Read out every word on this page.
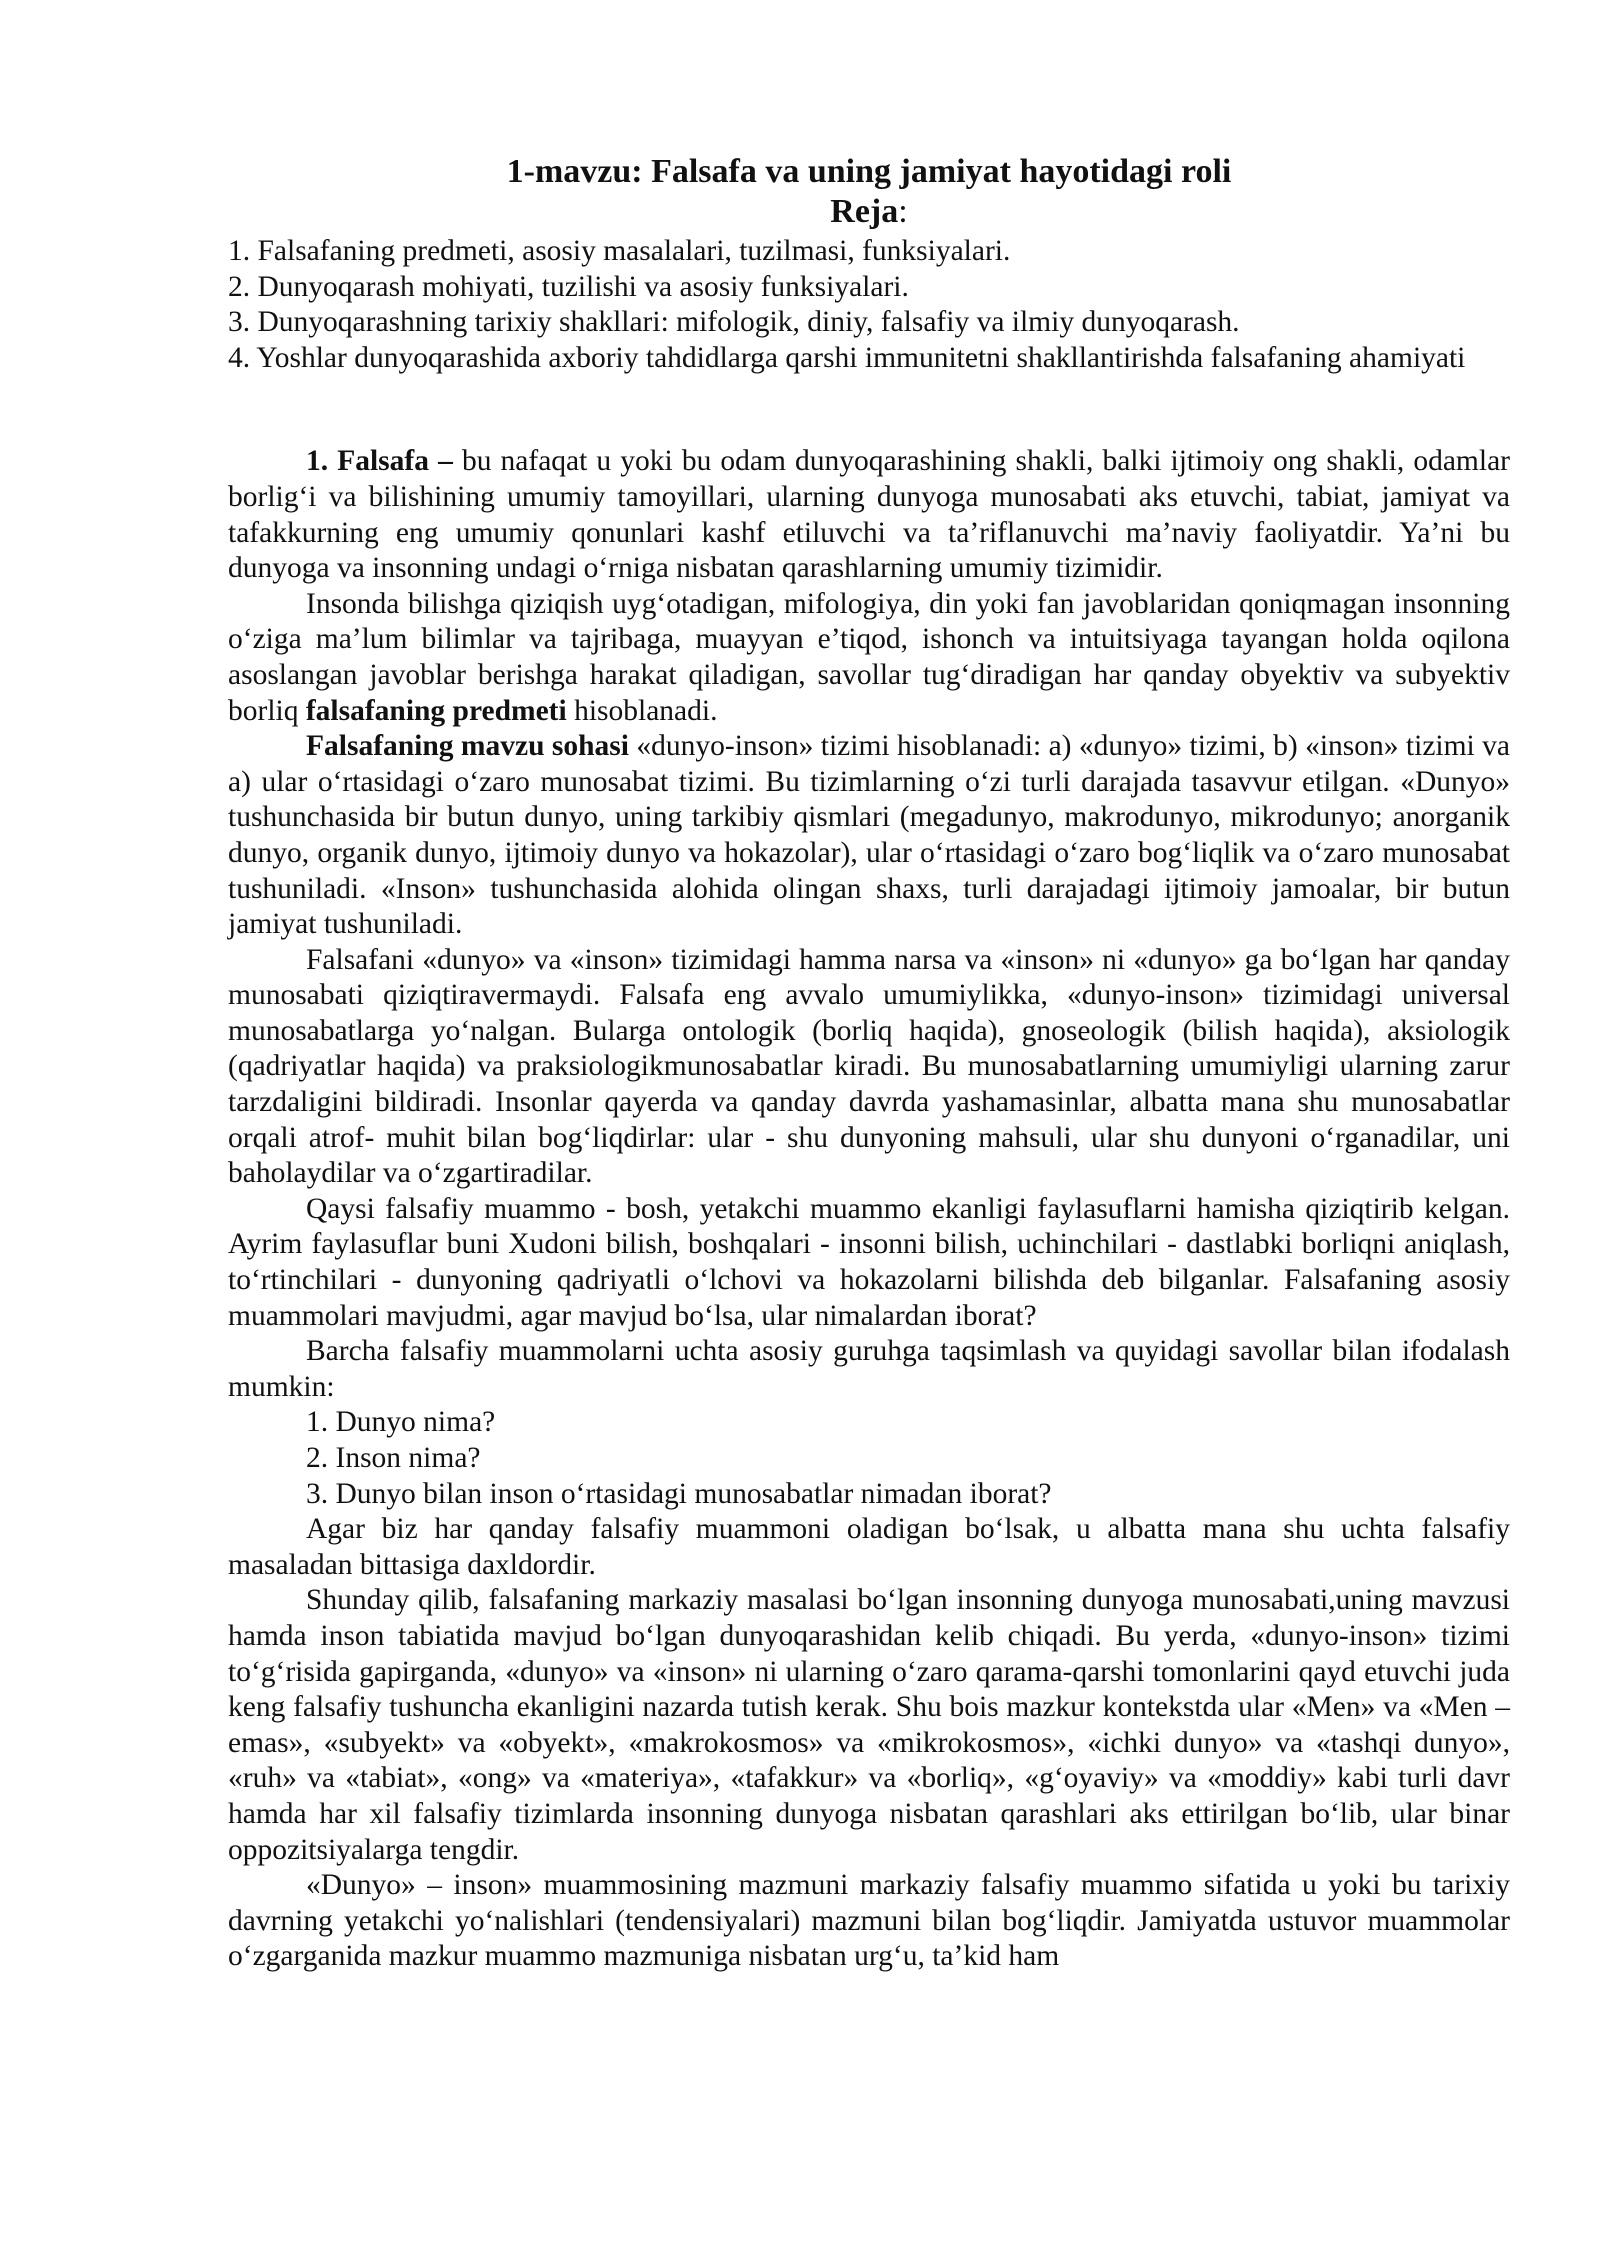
1-mavzu: Falsafa va uning jamiyat hayotidagi roli
Reja:
1. Falsafaning predmeti, asosiy masalalari, tuzilmasi, funksiyalari.
2. Dunyoqarash mohiyati, tuzilishi va asosiy funksiyalari.
3. Dunyoqarashning tarixiy shakllari: mifologik, diniy, falsafiy va ilmiy dunyoqarash.
4. Yoshlar dunyoqarashida axboriy tahdidlarga qarshi immunitetni shakllantirishda falsafaning ahamiyati

1. Falsafa – bu nafaqat u yoki bu odam dunyoqarashining shakli, balki ijtimoiy ong shakli, odamlar borlig‘i va bilishining umumiy tamoyillari, ularning dunyoga munosabati aks etuvchi, tabiat, jamiyat va tafakkurning eng umumiy qonunlari kashf etiluvchi va ta’riflanuvchi ma’naviy faoliyatdir. Ya’ni bu dunyoga va insonning undagi o‘rniga nisbatan qarashlarning umumiy tizimidir.

Insonda bilishga qiziqish uyg‘otadigan, mifologiya, din yoki fan javoblaridan qoniqmagan insonning o‘ziga ma’lum bilimlar va tajribaga, muayyan e’tiqod, ishonch va intuitsiyaga tayangan holda oqilona asoslangan javoblar berishga harakat qiladigan, savollar tug‘diradigan har qanday obyektiv va subyektiv borliq falsafaning predmeti hisoblanadi.

Falsafaning mavzu sohasi «dunyo-inson» tizimi hisoblanadi: a) «dunyo» tizimi, b) «inson» tizimi va a) ular o‘rtasidagi o‘zaro munosabat tizimi. Bu tizimlarning o‘zi turli darajada tasavvur etilgan. «Dunyo» tushunchasida bir butun dunyo, uning tarkibiy qismlari (megadunyo, makrodunyo, mikrodunyo; anorganik dunyo, organik dunyo, ijtimoiy dunyo va hokazolar), ular o‘rtasidagi o‘zaro bog‘liqlik va o‘zaro munosabat tushuniladi. «Inson» tushunchasida alohida olingan shaxs, turli darajadagi ijtimoiy jamoalar, bir butun jamiyat tushuniladi.

Falsafani «dunyo» va «inson» tizimidagi hamma narsa va «inson» ni «dunyo» ga bo‘lgan har qanday munosabati qiziqtiravermaydi. Falsafa eng avvalo umumiylikka, «dunyo-inson» tizimidagi universal munosabatlarga yo‘nalgan. Bularga ontologik (borliq haqida), gnoseologik (bilish haqida), aksiologik (qadriyatlar haqida) va praksiologikmunosabatlar kiradi. Bu munosabatlarning umumiyligi ularning zarur tarzdaligini bildiradi. Insonlar qayerda va qanday davrda yashamasinlar, albatta mana shu munosabatlar orqali atrof- muhit bilan bog‘liqdirlar: ular - shu dunyoning mahsuli, ular shu dunyoni o‘rganadilar, uni baholaydilar va o‘zgartiradilar.

Qaysi falsafiy muammo - bosh, yetakchi muammo ekanligi faylasuflarni hamisha qiziqtirib kelgan. Ayrim faylasuflar buni Xudoni bilish, boshqalari - insonni bilish, uchinchilari - dastlabki borliqni aniqlash, to‘rtinchilari - dunyoning qadriyatli o‘lchovi va hokazolarni bilishda deb bilganlar. Falsafaning asosiy muammolari mavjudmi, agar mavjud bo‘lsa, ular nimalardan iborat?

Barcha falsafiy muammolarni uchta asosiy guruhga taqsimlash va quyidagi savollar bilan ifodalash mumkin:

1. Dunyo nima?

2. Inson nima?

3. Dunyo bilan inson o‘rtasidagi munosabatlar nimadan iborat?

Agar biz har qanday falsafiy muammoni oladigan bo‘lsak, u albatta mana shu uchta falsafiy masaladan bittasiga daxldordir.

Shunday qilib, falsafaning markaziy masalasi bo‘lgan insonning dunyoga munosabati,uning mavzusi hamda inson tabiatida mavjud bo‘lgan dunyoqarashidan kelib chiqadi. Bu yerda, «dunyo-inson» tizimi to‘g‘risida gapirganda, «dunyo» va «inson» ni ularning o‘zaro qarama-qarshi tomonlarini qayd etuvchi juda keng falsafiy tushuncha ekanligini nazarda tutish kerak. Shu bois mazkur kontekstda ular «Men» va «Men – emas», «subyekt» va «obyekt», «makrokosmos» va «mikrokosmos», «ichki dunyo» va «tashqi dunyo», «ruh» va «tabiat», «ong» va «materiya», «tafakkur» va «borliq», «g‘oyaviy» va «moddiy» kabi turli davr hamda har xil falsafiy tizimlarda insonning dunyoga nisbatan qarashlari aks ettirilgan bo‘lib, ular binar oppozitsiyalarga tengdir.

«Dunyo» – inson» muammosining mazmuni markaziy falsafiy muammo sifatida u yoki bu tarixiy davrning yetakchi yo‘nalishlari (tendensiyalari) mazmuni bilan bog‘liqdir. Jamiyatda ustuvor muammolar o‘zgarganida mazkur muammo mazmuniga nisbatan urg‘u, ta’kid ham
